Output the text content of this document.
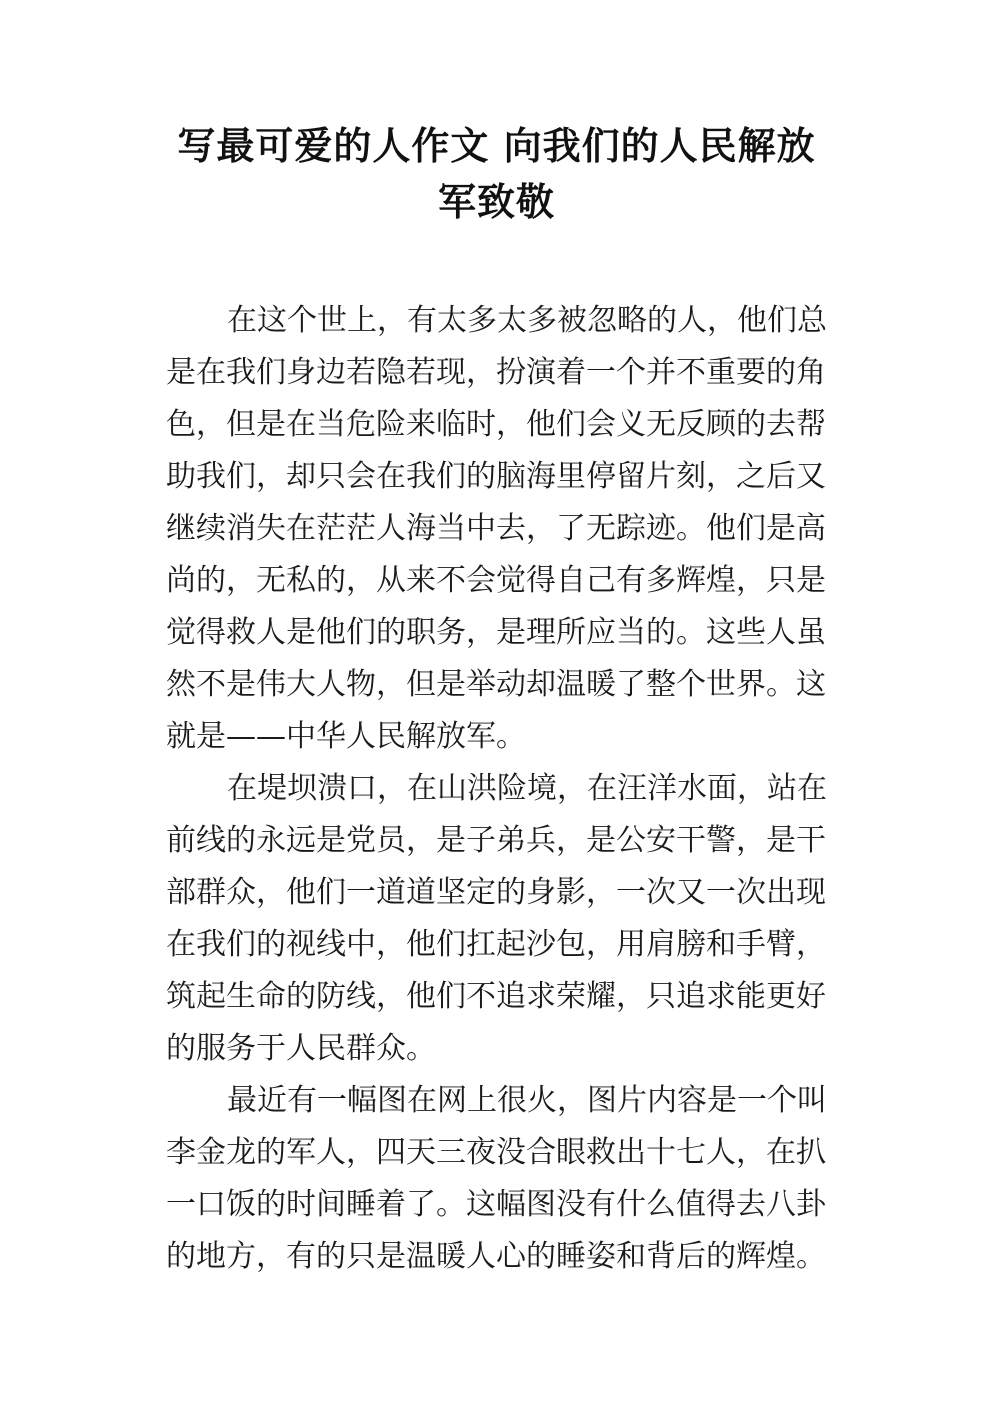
写最可爱的人作文 向我们的人民解放
军致敬

在这个世上，有太多太多被忽略的人，他们总
是在我们身边若隐若现，扮演着一个并不重要的角
色，但是在当危险来临时，他们会义无反顾的去帮
助我们，却只会在我们的脑海里停留片刻，之后又
继续消失在茫茫人海当中去，了无踪迹。他们是高
尚的，无私的，从来不会觉得自己有多辉煌，只是
觉得救人是他们的职务，是理所应当的。这些人虽
然不是伟大人物，但是举动却温暖了整个世界。这
就是——中华人民解放军。

在堤坝溃口，在山洪险境，在汪洋水面，站在
前线的永远是党员，是子弟兵，是公安干警，是干
部群众，他们一道道坚定的身影，一次又一次出现
在我们的视线中，他们扛起沙包，用肩膀和手臂，
筑起生命的防线，他们不追求荣耀，只追求能更好
的服务于人民群众。

最近有一幅图在网上很火，图片内容是一个叫
李金龙的军人，四天三夜没合眼救出十七人，在扒
一口饭的时间睡着了。这幅图没有什么值得去八卦
的地方，有的只是温暖人心的睡姿和背后的辉煌。
